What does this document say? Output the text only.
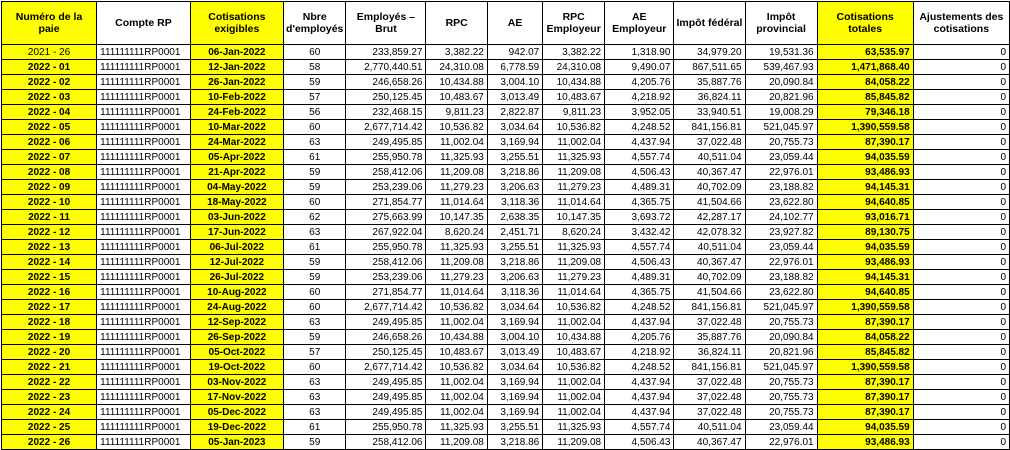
Numéro de la paie	Compte RP	Cotisations exigibles	Nbre d'employés	Employés – Brut	RPC	AE	RPC Employeur	AE Employeur	Impôt fédéral	Impôt provincial	Cotisations totales	Ajustements des cotisations
2021 - 26	111111111RP0001	06-Jan-2022	60	233,859.27	3,382.22	942.07	3,382.22	1,318.90	34,979.20	19,531.36	63,535.97	0
2022 - 01	111111111RP0001	12-Jan-2022	58	2,770,440.51	24,310.08	6,778.59	24,310.08	9,490.07	867,511.65	539,467.93	1,471,868.40	0
2022 - 02	111111111RP0001	26-Jan-2022	59	246,658.26	10,434.88	3,004.10	10,434.88	4,205.76	35,887.76	20,090.84	84,058.22	0
2022 - 03	111111111RP0001	10-Feb-2022	57	250,125.45	10,483.67	3,013.49	10,483.67	4,218.92	36,824.11	20,821.96	85,845.82	0
2022 - 04	111111111RP0001	24-Feb-2022	56	232,468.15	9,811.23	2,822.87	9,811.23	3,952.05	33,940.51	19,008.29	79,346.18	0
2022 - 05	111111111RP0001	10-Mar-2022	60	2,677,714.42	10,536.82	3,034.64	10,536.82	4,248.52	841,156.81	521,045.97	1,390,559.58	0
2022 - 06	111111111RP0001	24-Mar-2022	63	249,495.85	11,002.04	3,169.94	11,002.04	4,437.94	37,022.48	20,755.73	87,390.17	0
2022 - 07	111111111RP0001	05-Apr-2022	61	255,950.78	11,325.93	3,255.51	11,325.93	4,557.74	40,511.04	23,059.44	94,035.59	0
2022 - 08	111111111RP0001	21-Apr-2022	59	258,412.06	11,209.08	3,218.86	11,209.08	4,506.43	40,367.47	22,976.01	93,486.93	0
2022 - 09	111111111RP0001	04-May-2022	59	253,239.06	11,279.23	3,206.63	11,279.23	4,489.31	40,702.09	23,188.82	94,145.31	0
2022 - 10	111111111RP0001	18-May-2022	60	271,854.77	11,014.64	3,118.36	11,014.64	4,365.75	41,504.66	23,622.80	94,640.85	0
2022 - 11	111111111RP0001	03-Jun-2022	62	275,663.99	10,147.35	2,638.35	10,147.35	3,693.72	42,287.17	24,102.77	93,016.71	0
2022 - 12	111111111RP0001	17-Jun-2022	63	267,922.04	8,620.24	2,451.71	8,620.24	3,432.42	42,078.32	23,927.82	89,130.75	0
2022 - 13	111111111RP0001	06-Jul-2022	61	255,950.78	11,325.93	3,255.51	11,325.93	4,557.74	40,511.04	23,059.44	94,035.59	0
2022 - 14	111111111RP0001	12-Jul-2022	59	258,412.06	11,209.08	3,218.86	11,209.08	4,506.43	40,367.47	22,976.01	93,486.93	0
2022 - 15	111111111RP0001	26-Jul-2022	59	253,239.06	11,279.23	3,206.63	11,279.23	4,489.31	40,702.09	23,188.82	94,145.31	0
2022 - 16	111111111RP0001	10-Aug-2022	60	271,854.77	11,014.64	3,118.36	11,014.64	4,365.75	41,504.66	23,622.80	94,640.85	0
2022 - 17	111111111RP0001	24-Aug-2022	60	2,677,714.42	10,536.82	3,034.64	10,536.82	4,248.52	841,156.81	521,045.97	1,390,559.58	0
2022 - 18	111111111RP0001	12-Sep-2022	63	249,495.85	11,002.04	3,169.94	11,002.04	4,437.94	37,022.48	20,755.73	87,390.17	0
2022 - 19	111111111RP0001	26-Sep-2022	59	246,658.26	10,434.88	3,004.10	10,434.88	4,205.76	35,887.76	20,090.84	84,058.22	0
2022 - 20	111111111RP0001	05-Oct-2022	57	250,125.45	10,483.67	3,013.49	10,483.67	4,218.92	36,824.11	20,821.96	85,845.82	0
2022 - 21	111111111RP0001	19-Oct-2022	60	2,677,714.42	10,536.82	3,034.64	10,536.82	4,248.52	841,156.81	521,045.97	1,390,559.58	0
2022 - 22	111111111RP0001	03-Nov-2022	63	249,495.85	11,002.04	3,169.94	11,002.04	4,437.94	37,022.48	20,755.73	87,390.17	0
2022 - 23	111111111RP0001	17-Nov-2022	63	249,495.85	11,002.04	3,169.94	11,002.04	4,437.94	37,022.48	20,755.73	87,390.17	0
2022 - 24	111111111RP0001	05-Dec-2022	63	249,495.85	11,002.04	3,169.94	11,002.04	4,437.94	37,022.48	20,755.73	87,390.17	0
2022 - 25	111111111RP0001	19-Dec-2022	61	255,950.78	11,325.93	3,255.51	11,325.93	4,557.74	40,511.04	23,059.44	94,035.59	0
2022 - 26	111111111RP0001	05-Jan-2023	59	258,412.06	11,209.08	3,218.86	11,209.08	4,506.43	40,367.47	22,976.01	93,486.93	0
